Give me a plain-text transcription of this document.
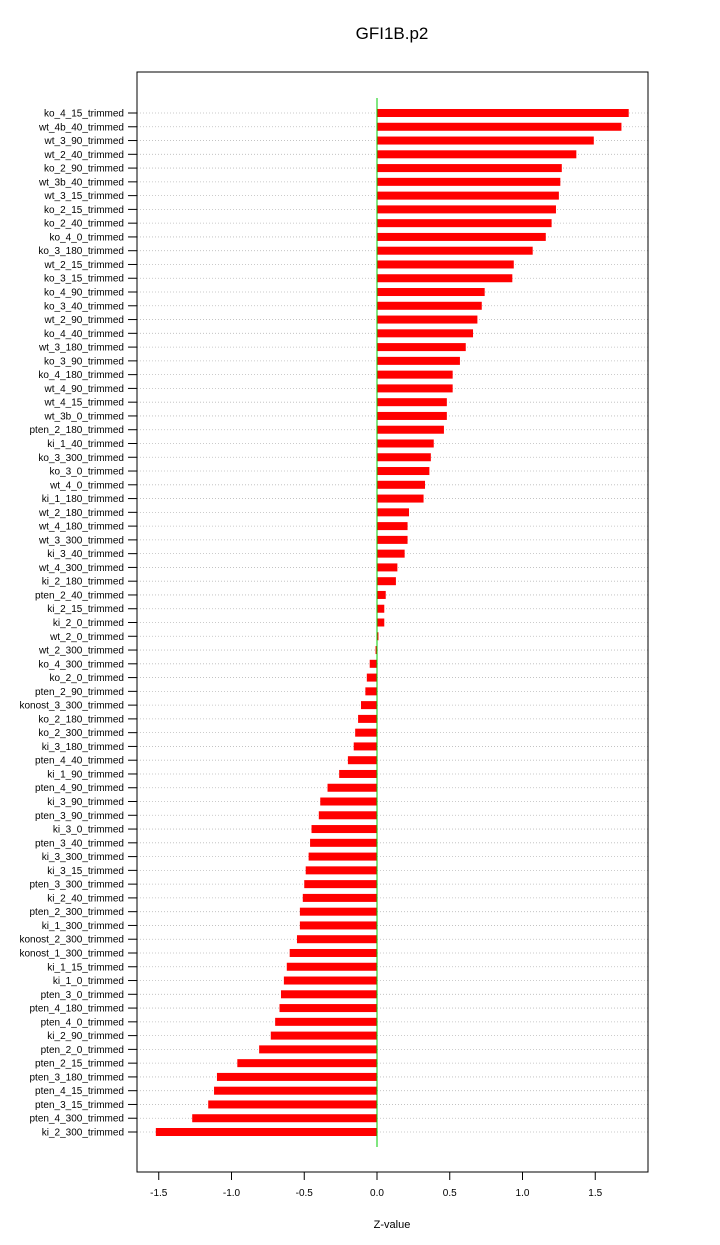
GFI1B.p2
ko_4_15_trimmed
wt_4b_40_trimmed
wt_3_90_trimmed
wt_2_40_trimmed
ko_2_90_trimmed
wt_3b_40_trimmed
wt_3_15_trimmed
ko_2_15_trimmed
ko_2_40_trimmed
ko_4_0_trimmed
ko_3_180_trimmed
wt_2_15_trimmed
ko_3_15_trimmed
ko_4_90_trimmed
ko_3_40_trimmed
wt_2_90_trimmed
ko_4_40_trimmed
wt_3_180_trimmed
ko_3_90_trimmed
ko_4_180_trimmed
wt_4_90_trimmed
wt_4_15_trimmed
wt_3b_0_trimmed
pten_2_180_trimmed
ki_1_40_trimmed
ko_3_300_trimmed
ko_3_0_trimmed
wt_4_0_trimmed
ki_1_180_trimmed
wt_2_180_trimmed
wt_4_180_trimmed
wt_3_300_trimmed
ki_3_40_trimmed
wt_4_300_trimmed
ki_2_180_trimmed
pten_2_40_trimmed
ki_2_15_trimmed
ki_2_0_trimmed
wt_2_0_trimmed
wt_2_300_trimmed
ko_4_300_trimmed
ko_2_0_trimmed
pten_2_90_trimmed
konost_3_300_trimmed
ko_2_180_trimmed
ko_2_300_trimmed
ki_3_180_trimmed
pten_4_40_trimmed
ki_1_90_trimmed
pten_4_90_trimmed
ki_3_90_trimmed
pten_3_90_trimmed
ki_3_0_trimmed
pten_3_40_trimmed
ki_3_300_trimmed
ki_3_15_trimmed
pten_3_300_trimmed
ki_2_40_trimmed
pten_2_300_trimmed
ki_1_300_trimmed
konost_2_300_trimmed
konost_1_300_trimmed
ki_1_15_trimmed
ki_1_0_trimmed
pten_3_0_trimmed
pten_4_180_trimmed
pten_4_0_trimmed
ki_2_90_trimmed
pten_2_0_trimmed
pten_2_15_trimmed
pten_3_180_trimmed
pten_4_15_trimmed
pten_3_15_trimmed
pten_4_300_trimmed
ki_2_300_trimmed
-1.5	-1.0	-0.5	0.0	0.5	1.0	1.5
Z-value
